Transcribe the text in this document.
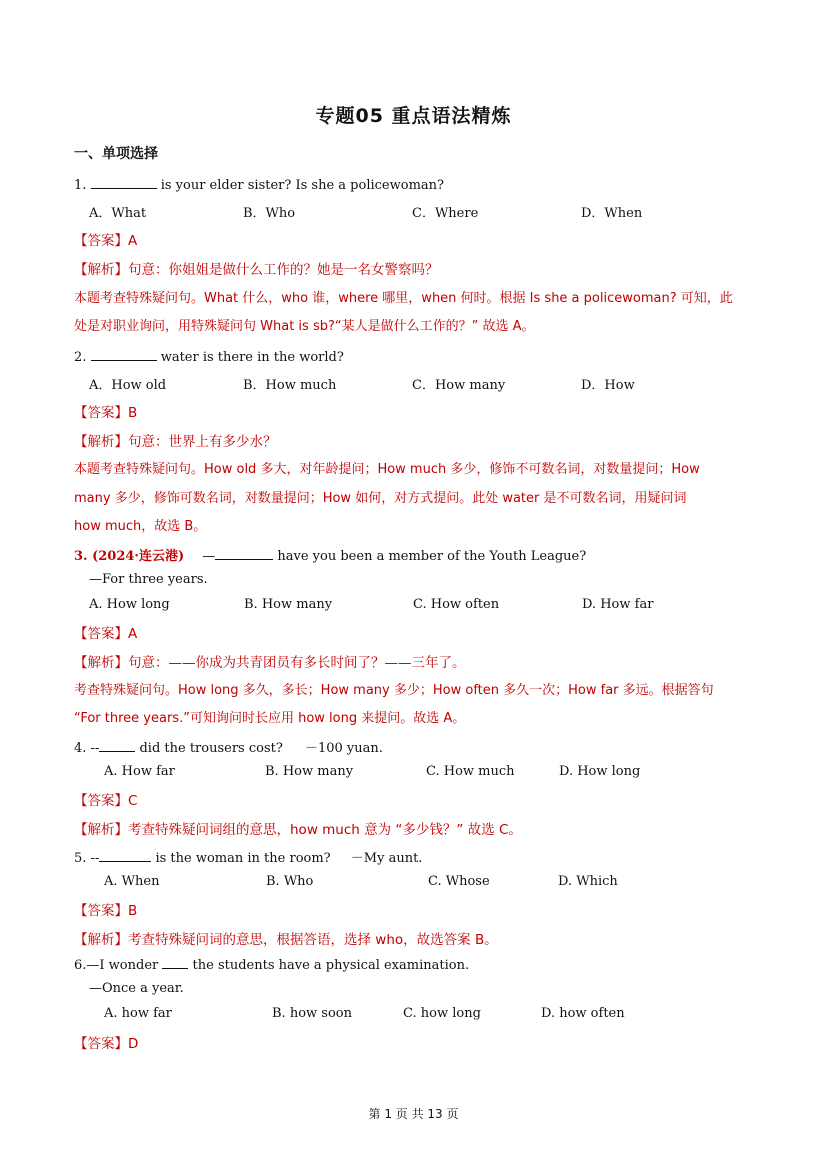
专题05 重点语法精炼
一、单项选择
1.	is your elder sister? Is she a policewoman?
A．What	B．Who	C．Where	D．When
【答案】A
【解析】句意：你姐姐是做什么工作的？她是一名女警察吗？
本题考查特殊疑问句。What 什么，who 谁，where 哪里，when 何时。根据 Is she a policewoman? 可知，此
处是对职业询问，用特殊疑问句 What is sb?“某人是做什么工作的？” 故选 A。
2.	water is there in the world?
A．How old	B．How much	C．How many	D．How
【答案】B
【解析】句意：世界上有多少水？
本题考查特殊疑问句。How old 多大，对年龄提问；How much 多少，修饰不可数名词，对数量提问；How
many 多少，修饰可数名词，对数量提问；How 如何，对方式提问。此处 water 是不可数名词，用疑问词
how much，故选 B。
3. (2024·连云港) —	have you been a member of the Youth League?
—For three years.
A. How long	B. How many	C. How often	D. How far
【答案】A
【解析】句意：——你成为共青团员有多长时间了？——三年了。
考查特殊疑问句。How long 多久，多长；How many 多少；How often 多久一次；How far 多远。根据答句
“For three years.”可知询问时长应用 how long 来提问。故选 A。
4. --	did the trousers cost? －100 yuan.
A. How far	B. How many	C. How much	D. How long
【答案】C
【解析】考查特殊疑问词组的意思，how much 意为 “多少钱？” 故选 C。
5. --	is the woman in the room? －My aunt.
A. When	B. Who	C. Whose	D. Which
【答案】B
【解析】考查特殊疑问词的意思，根据答语，选择 who，故选答案 B。
6.—I wonder	the students have a physical examination.
—Once a year.
A. how far	B. how soon	C. how long	D. how often
【答案】D
第 1 页 共 13 页
